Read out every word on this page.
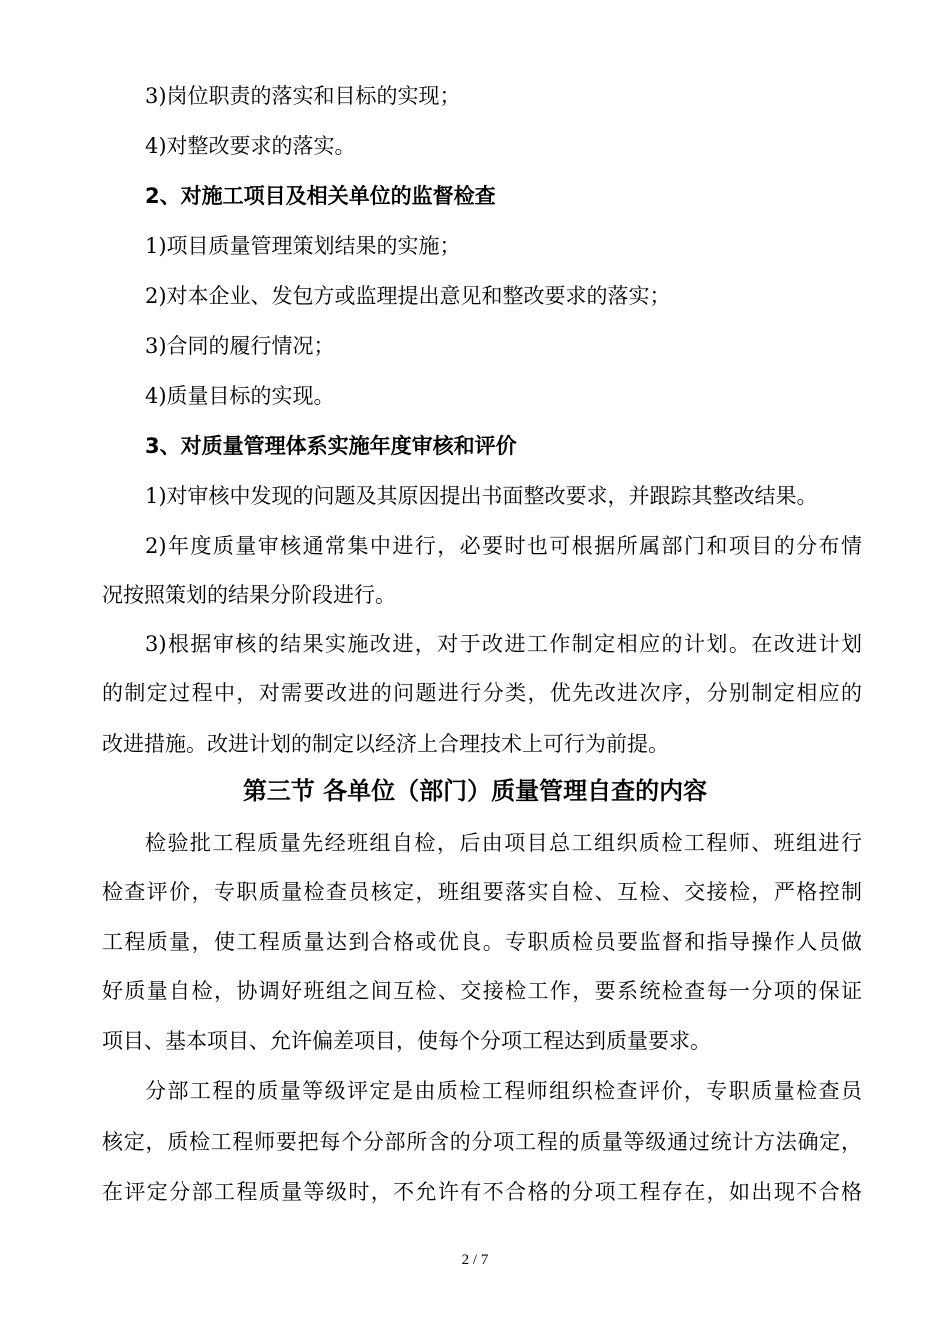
3)岗位职责的落实和目标的实现；
4)对整改要求的落实。
2、对施工项目及相关单位的监督检查
1)项目质量管理策划结果的实施；
2)对本企业、发包方或监理提出意见和整改要求的落实；
3)合同的履行情况；
4)质量目标的实现。
3、对质量管理体系实施年度审核和评价
1)对审核中发现的问题及其原因提出书面整改要求，并跟踪其整改结果。
2)年度质量审核通常集中进行，必要时也可根据所属部门和项目的分布情
况按照策划的结果分阶段进行。
3)根据审核的结果实施改进，对于改进工作制定相应的计划。在改进计划
的制定过程中，对需要改进的问题进行分类，优先改进次序，分别制定相应的
改进措施。改进计划的制定以经济上合理技术上可行为前提。
第三节 各单位（部门）质量管理自查的内容
检验批工程质量先经班组自检，后由项目总工组织质检工程师、班组进行
检查评价，专职质量检查员核定，班组要落实自检、互检、交接检，严格控制
工程质量，使工程质量达到合格或优良。专职质检员要监督和指导操作人员做
好质量自检，协调好班组之间互检、交接检工作，要系统检查每一分项的保证
项目、基本项目、允许偏差项目，使每个分项工程达到质量要求。
分部工程的质量等级评定是由质检工程师组织检查评价，专职质量检查员
核定，质检工程师要把每个分部所含的分项工程的质量等级通过统计方法确定，
在评定分部工程质量等级时，不允许有不合格的分项工程存在，如出现不合格
2 / 7
